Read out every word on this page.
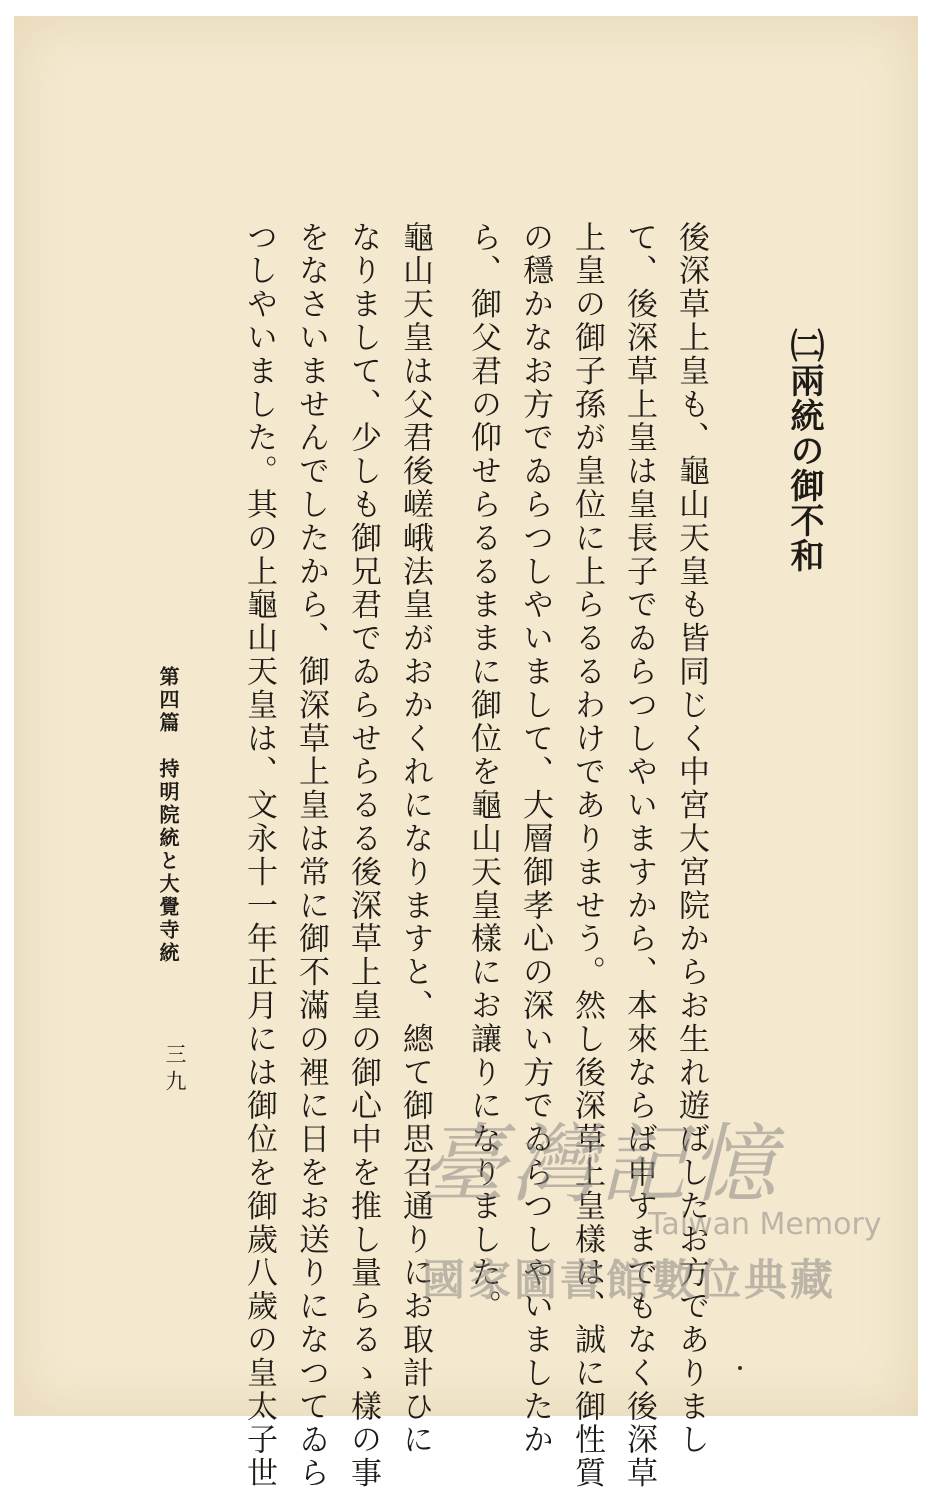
㈡兩統の御不和
後深草上皇も、龜山天皇も皆同じく中宮大宮院からお生れ遊ばしたお方でありまし
て、後深草上皇は皇長子でゐらつしやいますから、本來ならば申すまでもなく後深草
上皇の御子孫が皇位に上らるるわけでありませう。然し後深草上皇樣は、誠に御性質
の穩かなお方でゐらつしやいまして、大層御孝心の深い方でゐらつしやいましたか
ら、御父君の仰せらるるままに御位を龜山天皇樣にお讓りになりました。
龜山天皇は父君後嵯峨法皇がおかくれになりますと、總て御思召通りにお取計ひに
なりまして、少しも御兄君でゐらせらるる後深草上皇の御心中を推し量らるゝ樣の事
をなさいませんでしたから、御深草上皇は常に御不滿の裡に日をお送りになつてゐら
つしやいました。其の上龜山天皇は、文永十一年正月には御位を御歲八歲の皇太子世
第四篇　持明院統と大覺寺統
三九
臺灣記憶
Taiwan Memory
國家圖書館數位典藏
